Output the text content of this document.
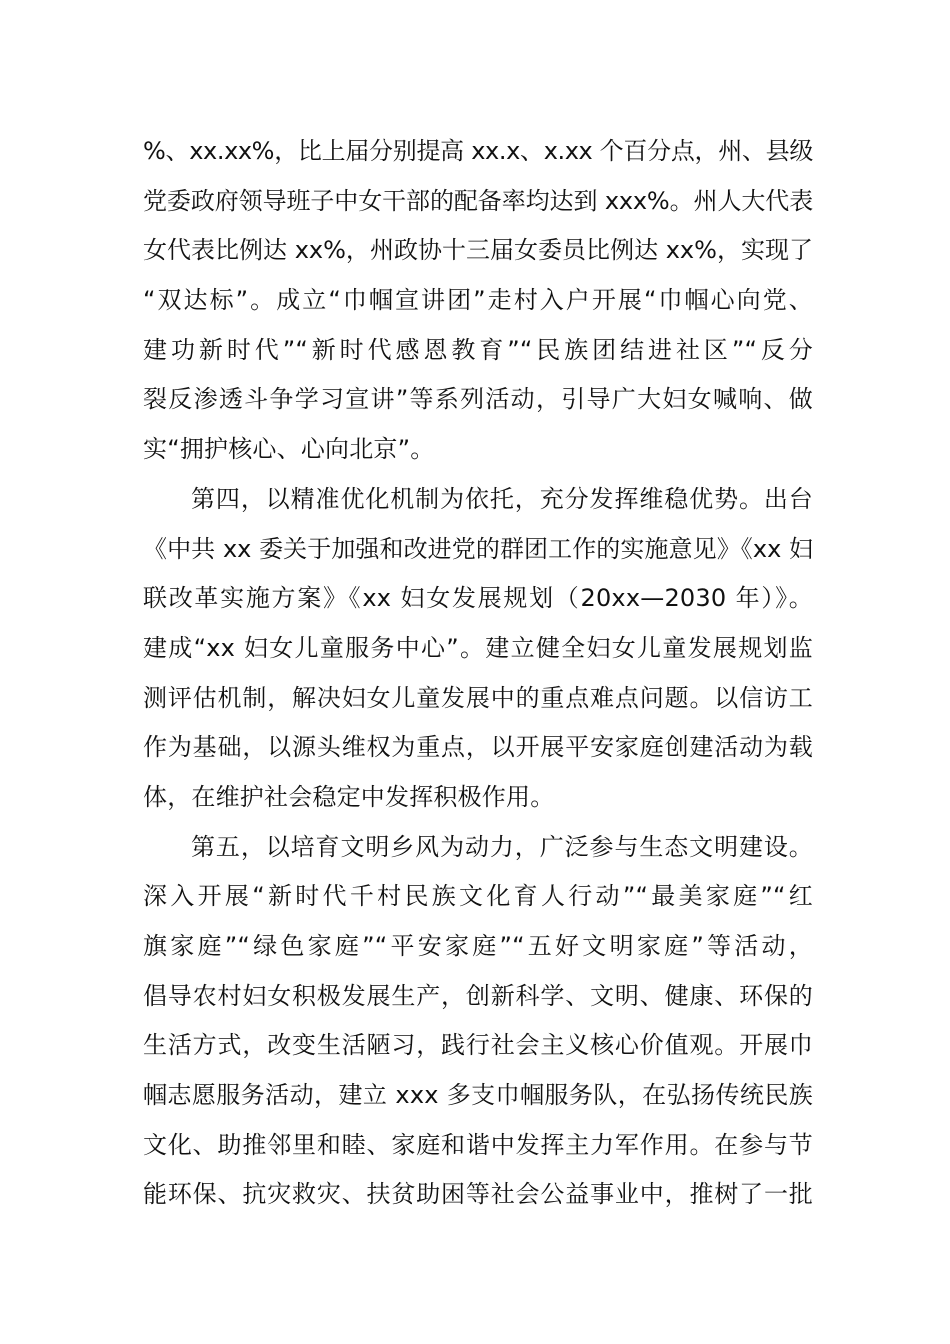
%、xx.xx%，比上届分别提高 xx.x、x.xx 个百分点，州、县级
党委政府领导班子中女干部的配备率均达到 xxx%。州人大代表
女代表比例达 xx%，州政协十三届女委员比例达 xx%，实现了
“双达标”。成立“巾帼宣讲团”走村入户开展“巾帼心向党、
建功新时代”“新时代感恩教育”“民族团结进社区”“反分
裂反渗透斗争学习宣讲”等系列活动，引导广大妇女喊响、做
实“拥护核心、心向北京”。
第四，以精准优化机制为依托，充分发挥维稳优势。出台
《中共 xx 委关于加强和改进党的群团工作的实施意见》《xx 妇
联改革实施方案》《xx 妇女发展规划（20xx—2030 年）》。
建成“xx 妇女儿童服务中心”。建立健全妇女儿童发展规划监
测评估机制，解决妇女儿童发展中的重点难点问题。以信访工
作为基础，以源头维权为重点，以开展平安家庭创建活动为载
体，在维护社会稳定中发挥积极作用。
第五，以培育文明乡风为动力，广泛参与生态文明建设。
深入开展“新时代千村民族文化育人行动”“最美家庭”“红
旗家庭”“绿色家庭”“平安家庭”“五好文明家庭”等活动，
倡导农村妇女积极发展生产，创新科学、文明、健康、环保的
生活方式，改变生活陋习，践行社会主义核心价值观。开展巾
帼志愿服务活动，建立 xxx 多支巾帼服务队，在弘扬传统民族
文化、助推邻里和睦、家庭和谐中发挥主力军作用。在参与节
能环保、抗灾救灾、扶贫助困等社会公益事业中，推树了一批
